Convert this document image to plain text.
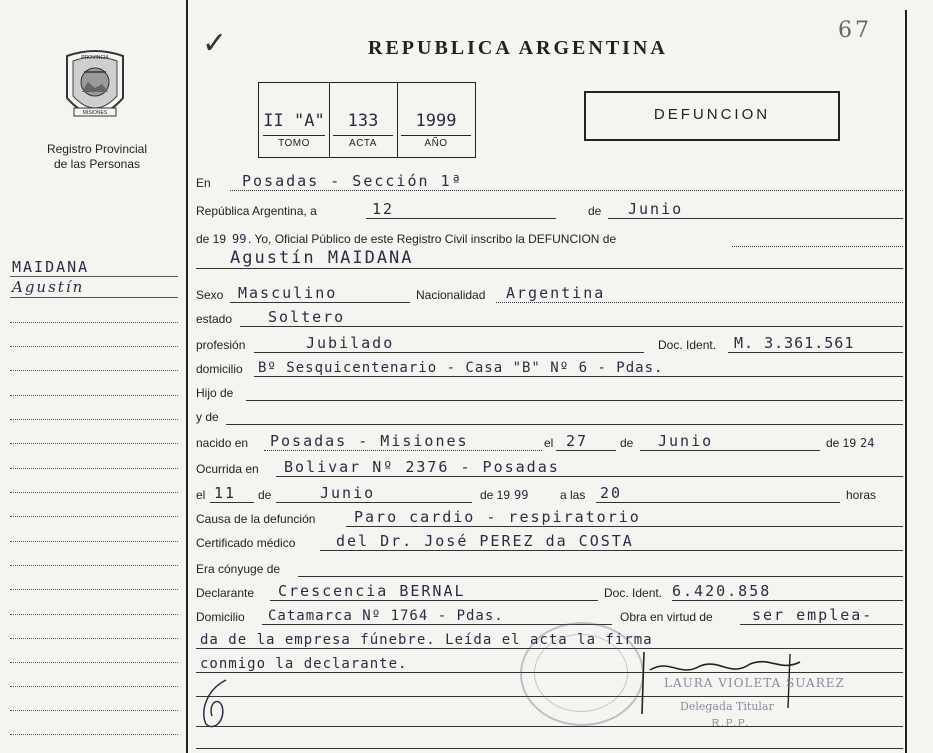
PROVINCIA
MISIONES
Registro Provincial
de las Personas
MAIDANA
Agustín
✓	REPUBLICA ARGENTINA
67
II "A"
TOMO
133
ACTA
1999
AÑO
DEFUNCION
En Posadas - Sección 1ª
República Argentina, a	12	de Junio
de 19 99 . Yo, Oficial Público de este Registro Civil inscribo la DEFUNCION de
Agustín MAIDANA
Sexo Masculino	Nacionalidad Argentina
estado Soltero
profesión	Jubilado	Doc. Ident. M. 3.361.561
domicilio Bº Sesquicentenario - Casa "B" Nº 6 - Pdas.
Hijo de
y de
nacido en Posadas - Misiones	el 27	de Junio	de 19 24
Ocurrida en Bolivar Nº 2376 - Posadas
el 11 de	Junio	de 19 99	a las 20	horas
Causa de la defunción	Paro cardio - respiratorio
Certificado médico	del Dr. José PEREZ da COSTA
Era cónyuge de
Declarante Crescencia BERNAL	Doc. Ident. 6.420.858
Domicilio Catamarca Nº 1764 - Pdas.	Obra en virtud de	ser emplea-
da de la empresa fúnebre. Leída el acta la firma
conmigo la declarante.
LAURA VIOLETA SUAREZ
Delegada Titular
R.P.P.
